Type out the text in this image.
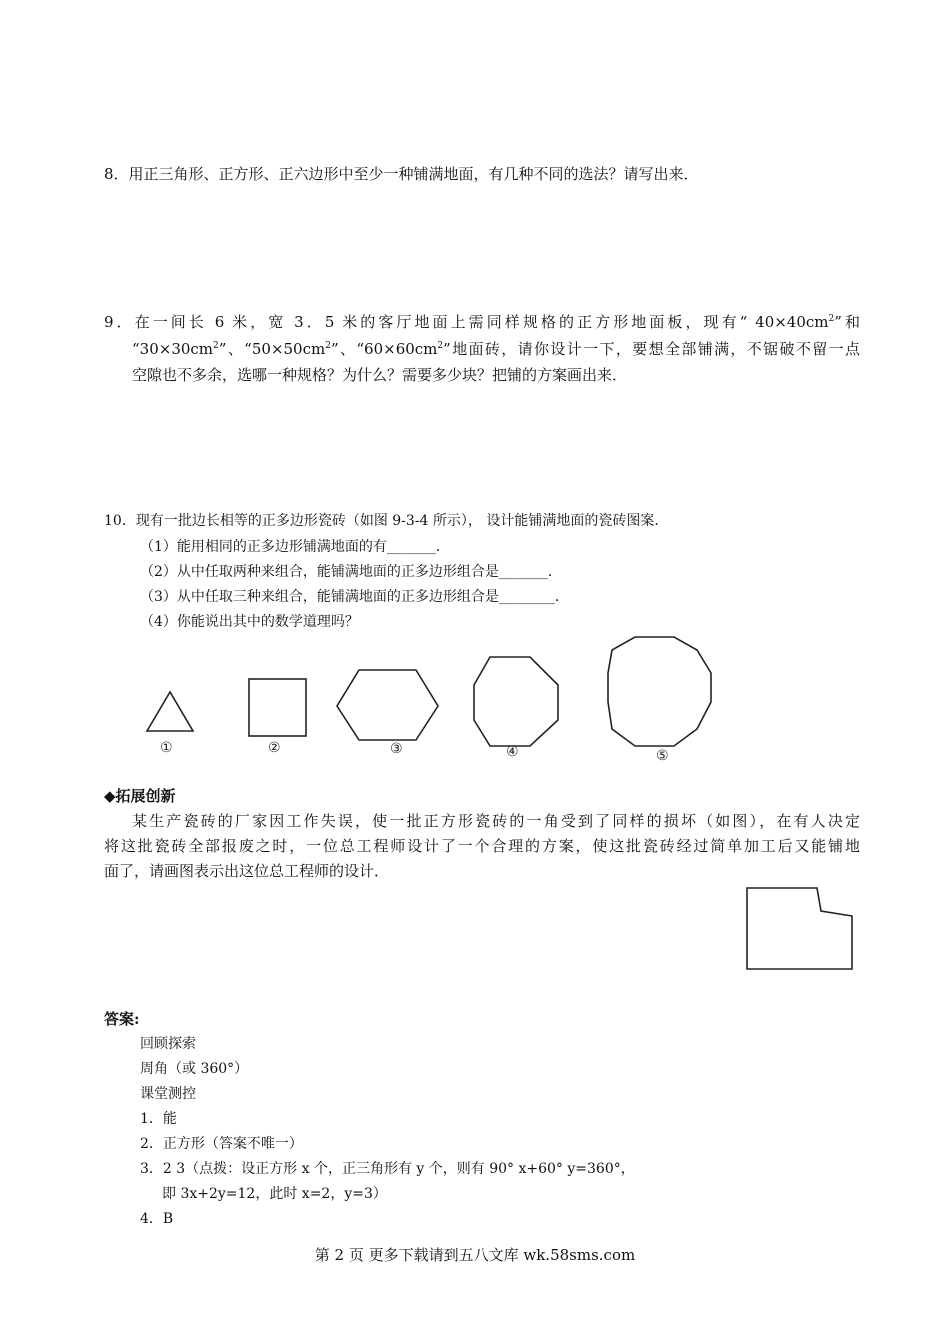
8．用正三角形、正方形、正六边形中至少一种铺满地面，有几种不同的选法？请写出来．
9．在一间长 6 米，宽 3．5 米的客厅地面上需同样规格的正方形地面板，现有“ $40\times 40cm^2$”和
“$30\times 30cm^2$”、“$50\times 50cm^2$”、“$60\times 60cm^2$”地面砖，请你设计一下，要想全部铺满，不锯破不留一点
空隙也不多余，选哪一种规格？为什么？需要多少块？把铺的方案画出来．
10．现有一批边长相等的正多边形瓷砖（如图 9-3-4 所示）， 设计能铺满地面的瓷砖图案．
（1）能用相同的正多边形铺满地面的有_______．
（2）从中任取两种来组合，能铺满地面的正多边形组合是_______．
（3）从中任取三种来组合，能铺满地面的正多边形组合是________．
（4）你能说出其中的数学道理吗？
①	②	③	④	⑤
◆拓展创新
某生产瓷砖的厂家因工作失误，使一批正方形瓷砖的一角受到了同样的损坏（如图），在有人决定
将这批瓷砖全部报废之时，一位总工程师设计了一个合理的方案，使这批瓷砖经过简单加工后又能铺地
面了，请画图表示出这位总工程师的设计．
答案:
回顾探索
周角（或 360°）
课堂测控
1．能
2．正方形（答案不唯一）
3．2 3（点拨：设正方形 x 个，正三角形有 y 个，则有 90° x+60° y=360°，
即 3x+2y=12，此时 x=2，y=3）
4．B
第 2 页 更多下载请到五八文库 wk.58sms.com
